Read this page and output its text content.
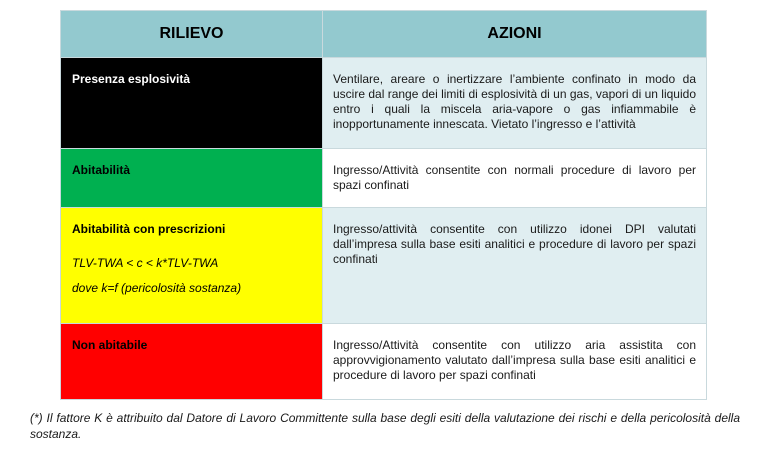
RILIEVO	AZIONI

Presenza esplosività	Ventilare, areare o inertizzare l’ambiente confinato in modo da uscire dal range dei limiti di esplosività di un gas, vapori di un liquido entro i quali la miscela aria-vapore o gas infiammabile è inopportunamente innescata. Vietato l’ingresso e l’attività

Abitabilità	Ingresso/Attività consentite con normali procedure di lavoro per spazi confinati

Abitabilità con prescrizioni
TLV-TWA < c < k*TLV-TWA
dove k=f (pericolosità sostanza)	Ingresso/attività consentite con utilizzo idonei DPI valutati dall’impresa sulla base esiti analitici e procedure di lavoro per spazi confinati

Non abitabile	Ingresso/Attività consentite con utilizzo aria assistita con approvvigionamento valutato dall’impresa sulla base esiti analitici e procedure di lavoro per spazi confinati
(*) Il fattore K è attribuito dal Datore di Lavoro Committente sulla base degli esiti della valutazione dei rischi e della pericolosità della sostanza.
